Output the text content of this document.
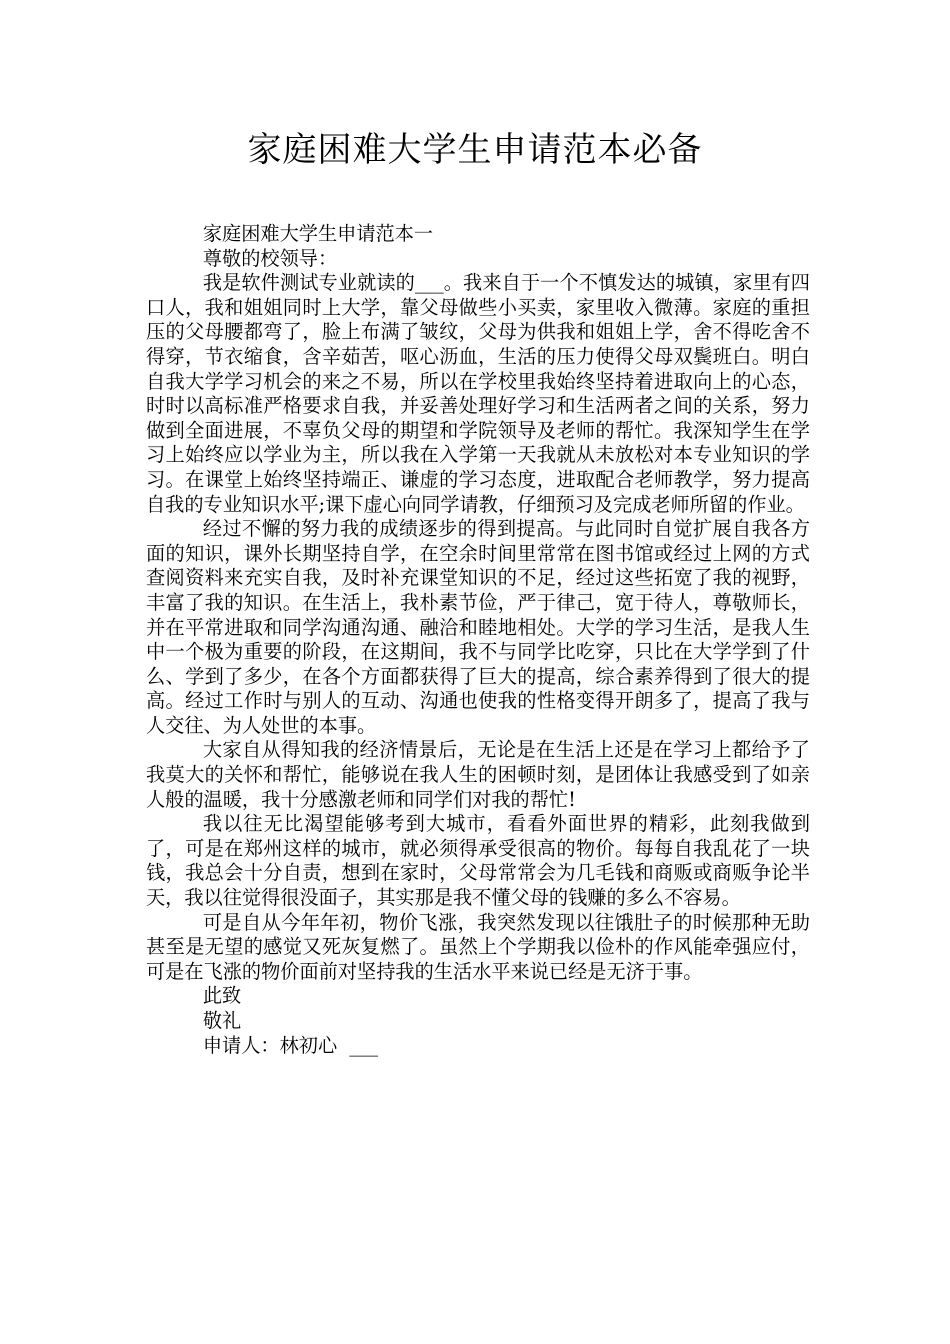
家庭困难大学生申请范本必备

家庭困难大学生申请范本一

尊敬的校领导：

我是软件测试专业就读的___。我来自于一个不慎发达的城镇，家里有四口人，我和姐姐同时上大学，靠父母做些小买卖，家里收入微薄。家庭的重担压的父母腰都弯了，脸上布满了皱纹，父母为供我和姐姐上学，舍不得吃舍不得穿，节衣缩食，含辛茹苦，呕心沥血，生活的压力使得父母双鬓班白。明白自我大学学习机会的来之不易，所以在学校里我始终坚持着进取向上的心态，时时以高标准严格要求自我，并妥善处理好学习和生活两者之间的关系，努力做到全面进展，不辜负父母的期望和学院领导及老师的帮忙。我深知学生在学习上始终应以学业为主，所以我在入学第一天我就从未放松对本专业知识的学习。在课堂上始终坚持端正、谦虚的学习态度，进取配合老师教学，努力提高自我的专业知识水平;课下虚心向同学请教，仔细预习及完成老师所留的作业。

经过不懈的努力我的成绩逐步的得到提高。与此同时自觉扩展自我各方面的知识，课外长期坚持自学，在空余时间里常常在图书馆或经过上网的方式查阅资料来充实自我，及时补充课堂知识的不足，经过这些拓宽了我的视野，丰富了我的知识。在生活上，我朴素节俭，严于律己，宽于待人，尊敬师长，并在平常进取和同学沟通沟通、融洽和睦地相处。大学的学习生活，是我人生中一个极为重要的阶段，在这期间，我不与同学比吃穿，只比在大学学到了什么、学到了多少，在各个方面都获得了巨大的提高，综合素养得到了很大的提高。经过工作时与别人的互动、沟通也使我的性格变得开朗多了，提高了我与人交往、为人处世的本事。

大家自从得知我的经济情景后，无论是在生活上还是在学习上都给予了我莫大的关怀和帮忙，能够说在我人生的困顿时刻，是团体让我感受到了如亲人般的温暖，我十分感激老师和同学们对我的帮忙!

我以往无比渴望能够考到大城市，看看外面世界的精彩，此刻我做到了，可是在郑州这样的城市，就必须得承受很高的物价。每每自我乱花了一块钱，我总会十分自责，想到在家时，父母常常会为几毛钱和商贩或商贩争论半天，我以往觉得很没面子，其实那是我不懂父母的钱赚的多么不容易。

可是自从今年年初，物价飞涨，我突然发现以往饿肚子的时候那种无助甚至是无望的感觉又死灰复燃了。虽然上个学期我以俭朴的作风能牵强应付，可是在飞涨的物价面前对坚持我的生活水平来说已经是无济于事。

此致

敬礼

申请人：林初心 ___
